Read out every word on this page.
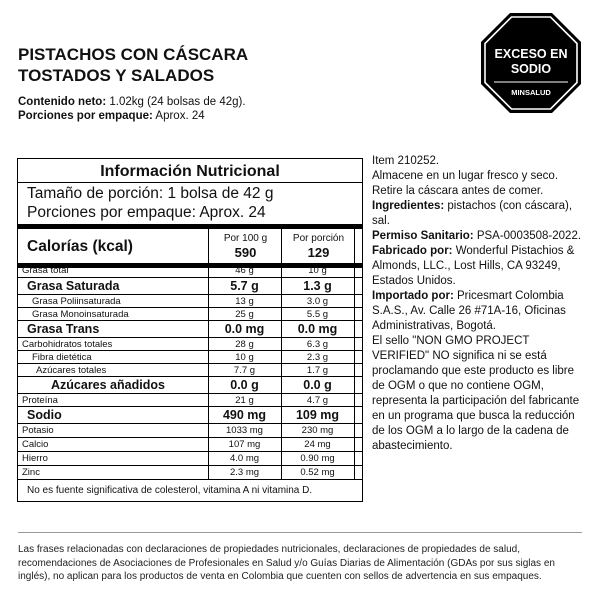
PISTACHOS CON CÁSCARA
TOSTADOS Y SALADOS
Contenido neto: 1.02kg (24 bolsas de 42g).
Porciones por empaque: Aprox. 24
EXCESO EN
SODIO
MINSALUD
Información Nutricional
Tamaño de porción: 1 bolsa de 42 g
Porciones por empaque: Aprox. 24
Por 100 g	Por porción
Calorías (kcal)	590	129
Grasa total	46 g	10 g
Grasa Saturada	5.7 g	1.3 g
Grasa Poliinsaturada	13 g	3.0 g
Grasa Monoinsaturada	25 g	5.5 g
Grasa Trans	0.0 mg	0.0 mg
Carbohidratos totales	28 g	6.3 g
Fibra dietética	10 g	2.3 g
Azúcares totales	7.7 g	1.7 g
Azúcares añadidos	0.0 g	0.0 g
Proteína	21 g	4.7 g
Sodio	490 mg	109 mg
Potasio	1033 mg	230 mg
Calcio	107 mg	24 mg
Hierro	4.0 mg	0.90 mg
Zinc	2.3 mg	0.52 mg
No es fuente significativa de colesterol, vitamina A ni vitamina D.
Item 210252.
Almacene en un lugar fresco y seco. Retire la cáscara antes de comer.
Ingredientes: pistachos (con cáscara), sal.
Permiso Sanitario: PSA-0003508-2022.
Fabricado por: Wonderful Pistachios & Almonds, LLC., Lost Hills, CA 93249, Estados Unidos.
Importado por: Pricesmart Colombia S.A.S., Av. Calle 26 #71A-16, Oficinas Administrativas, Bogotá.
El sello "NON GMO PROJECT VERIFIED" NO significa ni se está proclamando que este producto es libre de OGM o que no contiene OGM, representa la participación del fabricante en un programa que busca la reducción de los OGM a lo largo de la cadena de abastecimiento.
Las frases relacionadas con declaraciones de propiedades nutricionales, declaraciones de propiedades de salud, recomendaciones de Asociaciones de Profesionales en Salud y/o Guías Diarias de Alimentación (GDAs por sus siglas en inglés), no aplican para los productos de venta en Colombia que cuenten con sellos de advertencia en sus empaques.
